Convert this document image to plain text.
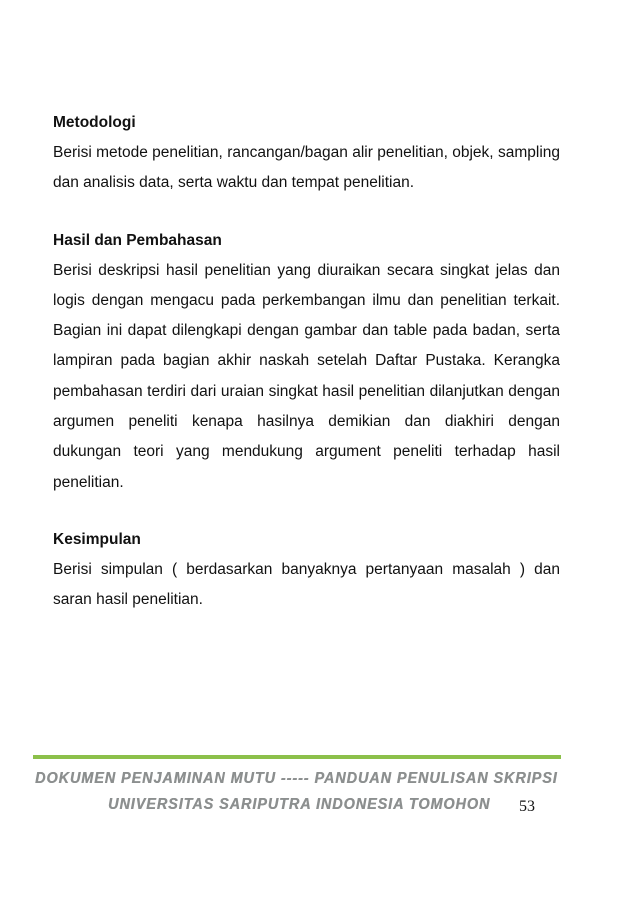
Metodologi

Berisi metode penelitian, rancangan/bagan alir penelitian, objek, sampling dan analisis data, serta waktu dan tempat penelitian.

Hasil dan Pembahasan

Berisi deskripsi hasil penelitian yang diuraikan secara singkat jelas dan logis dengan mengacu pada perkembangan ilmu dan penelitian terkait. Bagian ini dapat dilengkapi dengan gambar dan table pada badan, serta lampiran pada bagian akhir naskah setelah Daftar Pustaka. Kerangka pembahasan terdiri dari uraian singkat hasil penelitian dilanjutkan dengan argumen peneliti kenapa hasilnya demikian dan diakhiri dengan dukungan teori yang mendukung argument peneliti terhadap hasil penelitian.

Kesimpulan

Berisi simpulan ( berdasarkan banyaknya pertanyaan masalah ) dan saran hasil penelitian.

DOKUMEN PENJAMINAN MUTU ----- PANDUAN PENULISAN SKRIPSI
UNIVERSITAS SARIPUTRA INDONESIA TOMOHON 53
